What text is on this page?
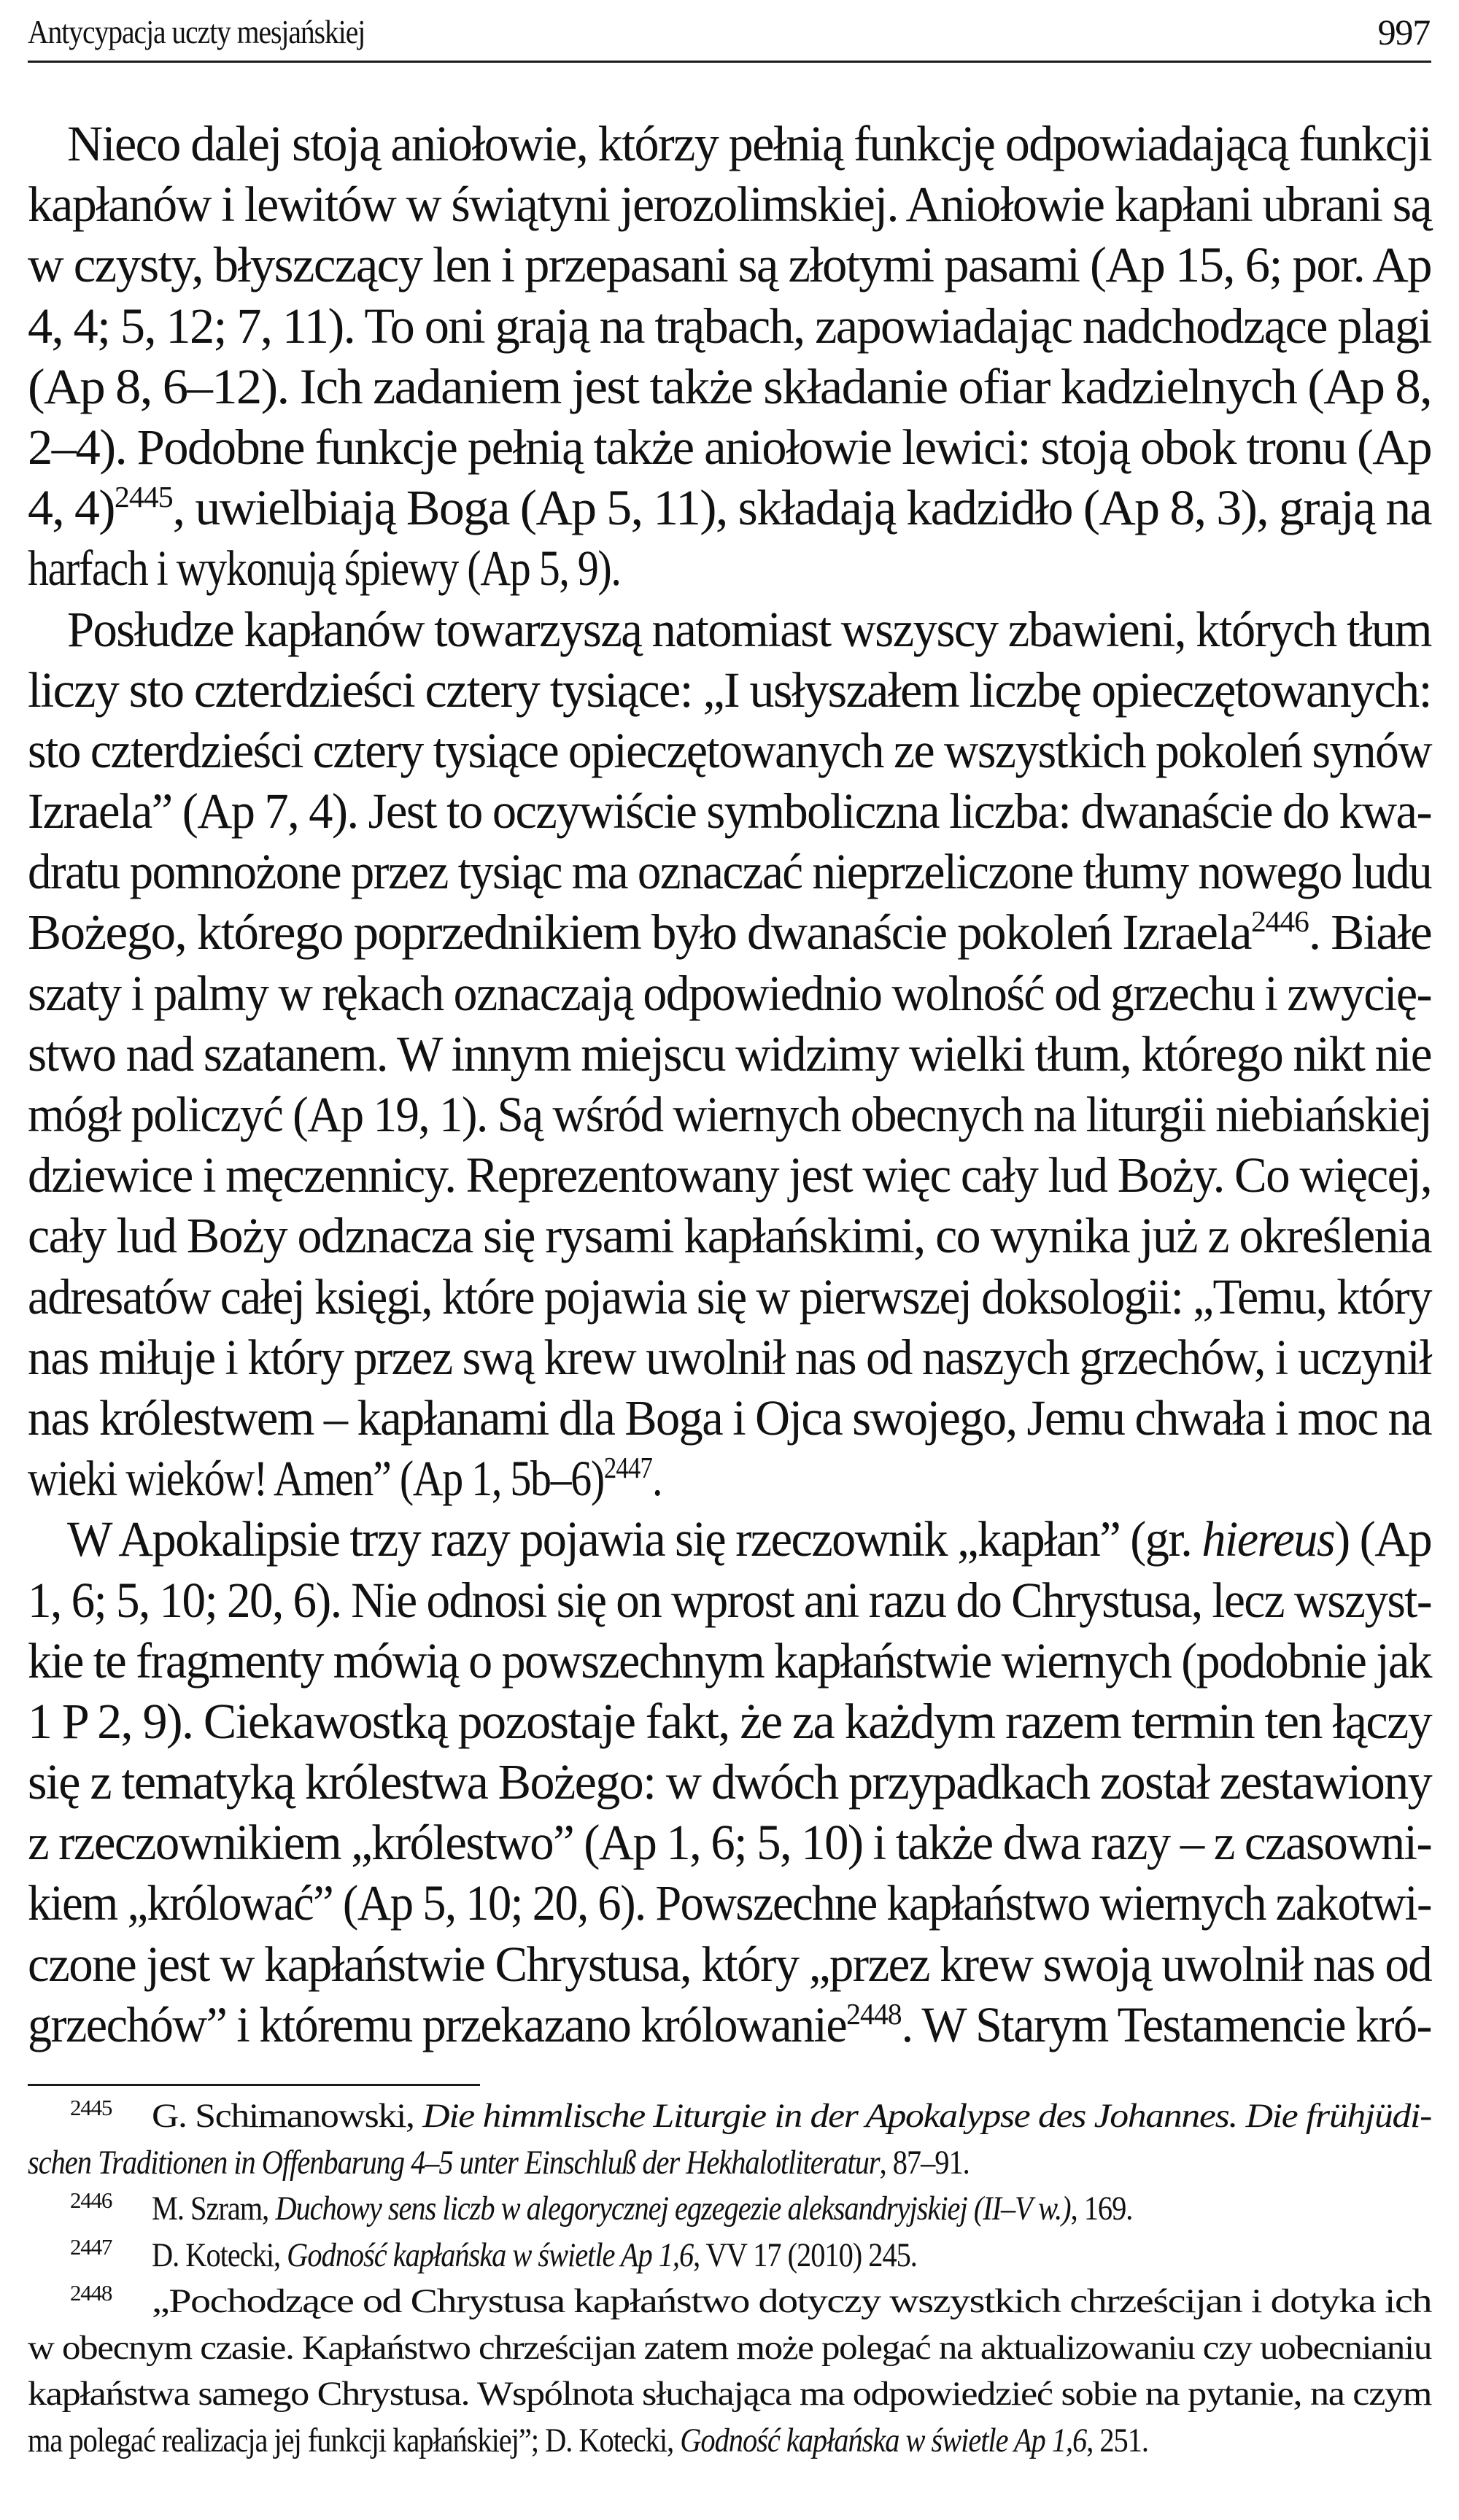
Antycypacja uczty mesjańskiej	997
Nieco dalej stoją aniołowie, którzy pełnią funkcję odpowiadającą funkcji
kapłanów i lewitów w świątyni jerozolimskiej. Aniołowie kapłani ubrani są
w czysty, błyszczący len i przepasani są złotymi pasami (Ap 15, 6; por. Ap
4, 4; 5, 12; 7, 11). To oni grają na trąbach, zapowiadając nadchodzące plagi
(Ap 8, 6–12). Ich zadaniem jest także składanie ofiar kadzielnych (Ap 8,
2–4). Podobne funkcje pełnią także aniołowie lewici: stoją obok tronu (Ap
4, 4)$^{2445}$, uwielbiają Boga (Ap 5, 11), składają kadzidło (Ap 8, 3), grają na
harfach i wykonują śpiewy (Ap 5, 9).
Posłudze kapłanów towarzyszą natomiast wszyscy zbawieni, których tłum
liczy sto czterdzieści cztery tysiące: „I usłyszałem liczbę opieczętowanych:
sto czterdzieści cztery tysiące opieczętowanych ze wszystkich pokoleń synów
Izraela” (Ap 7, 4). Jest to oczywiście symboliczna liczba: dwanaście do kwa-
dratu pomnożone przez tysiąc ma oznaczać nieprzeliczone tłumy nowego ludu
Bożego, którego poprzednikiem było dwanaście pokoleń Izraela$^{2446}$. Białe
szaty i palmy w rękach oznaczają odpowiednio wolność od grzechu i zwycię-
stwo nad szatanem. W innym miejscu widzimy wielki tłum, którego nikt nie
mógł policzyć (Ap 19, 1). Są wśród wiernych obecnych na liturgii niebiańskiej
dziewice i męczennicy. Reprezentowany jest więc cały lud Boży. Co więcej,
cały lud Boży odznacza się rysami kapłańskimi, co wynika już z określenia
adresatów całej księgi, które pojawia się w pierwszej doksologii: „Temu, który
nas miłuje i który przez swą krew uwolnił nas od naszych grzechów, i uczynił
nas królestwem – kapłanami dla Boga i Ojca swojego, Jemu chwała i moc na
wieki wieków! Amen” (Ap 1, 5b–6)$^{2447}$.
W Apokalipsie trzy razy pojawia się rzeczownik „kapłan” (gr. hiereus) (Ap
1, 6; 5, 10; 20, 6). Nie odnosi się on wprost ani razu do Chrystusa, lecz wszyst-
kie te fragmenty mówią o powszechnym kapłaństwie wiernych (podobnie jak
1 P 2, 9). Ciekawostką pozostaje fakt, że za każdym razem termin ten łączy
się z tematyką królestwa Bożego: w dwóch przypadkach został zestawiony
z rzeczownikiem „królestwo” (Ap 1, 6; 5, 10) i także dwa razy – z czasowni-
kiem „królować” (Ap 5, 10; 20, 6). Powszechne kapłaństwo wiernych zakotwi-
czone jest w kapłaństwie Chrystusa, który „przez krew swoją uwolnił nas od
grzechów” i któremu przekazano królowanie$^{2448}$. W Starym Testamencie kró-
2445 G. Schimanowski, Die himmlische Liturgie in der Apokalypse des Johannes. Die frühjüdi-
schen Traditionen in Offenbarung 4–5 unter Einschluß der Hekhalotliteratur, 87–91.
2446 M. Szram, Duchowy sens liczb w alegorycznej egzegezie aleksandryjskiej (II–V w.), 169.
2447 D. Kotecki, Godność kapłańska w świetle Ap 1,6, VV 17 (2010) 245.
2448 „Pochodzące od Chrystusa kapłaństwo dotyczy wszystkich chrześcijan i dotyka ich
w obecnym czasie. Kapłaństwo chrześcijan zatem może polegać na aktualizowaniu czy uobecnianiu
kapłaństwa samego Chrystusa. Wspólnota słuchająca ma odpowiedzieć sobie na pytanie, na czym
ma polegać realizacja jej funkcji kapłańskiej”; D. Kotecki, Godność kapłańska w świetle Ap 1,6, 251.
